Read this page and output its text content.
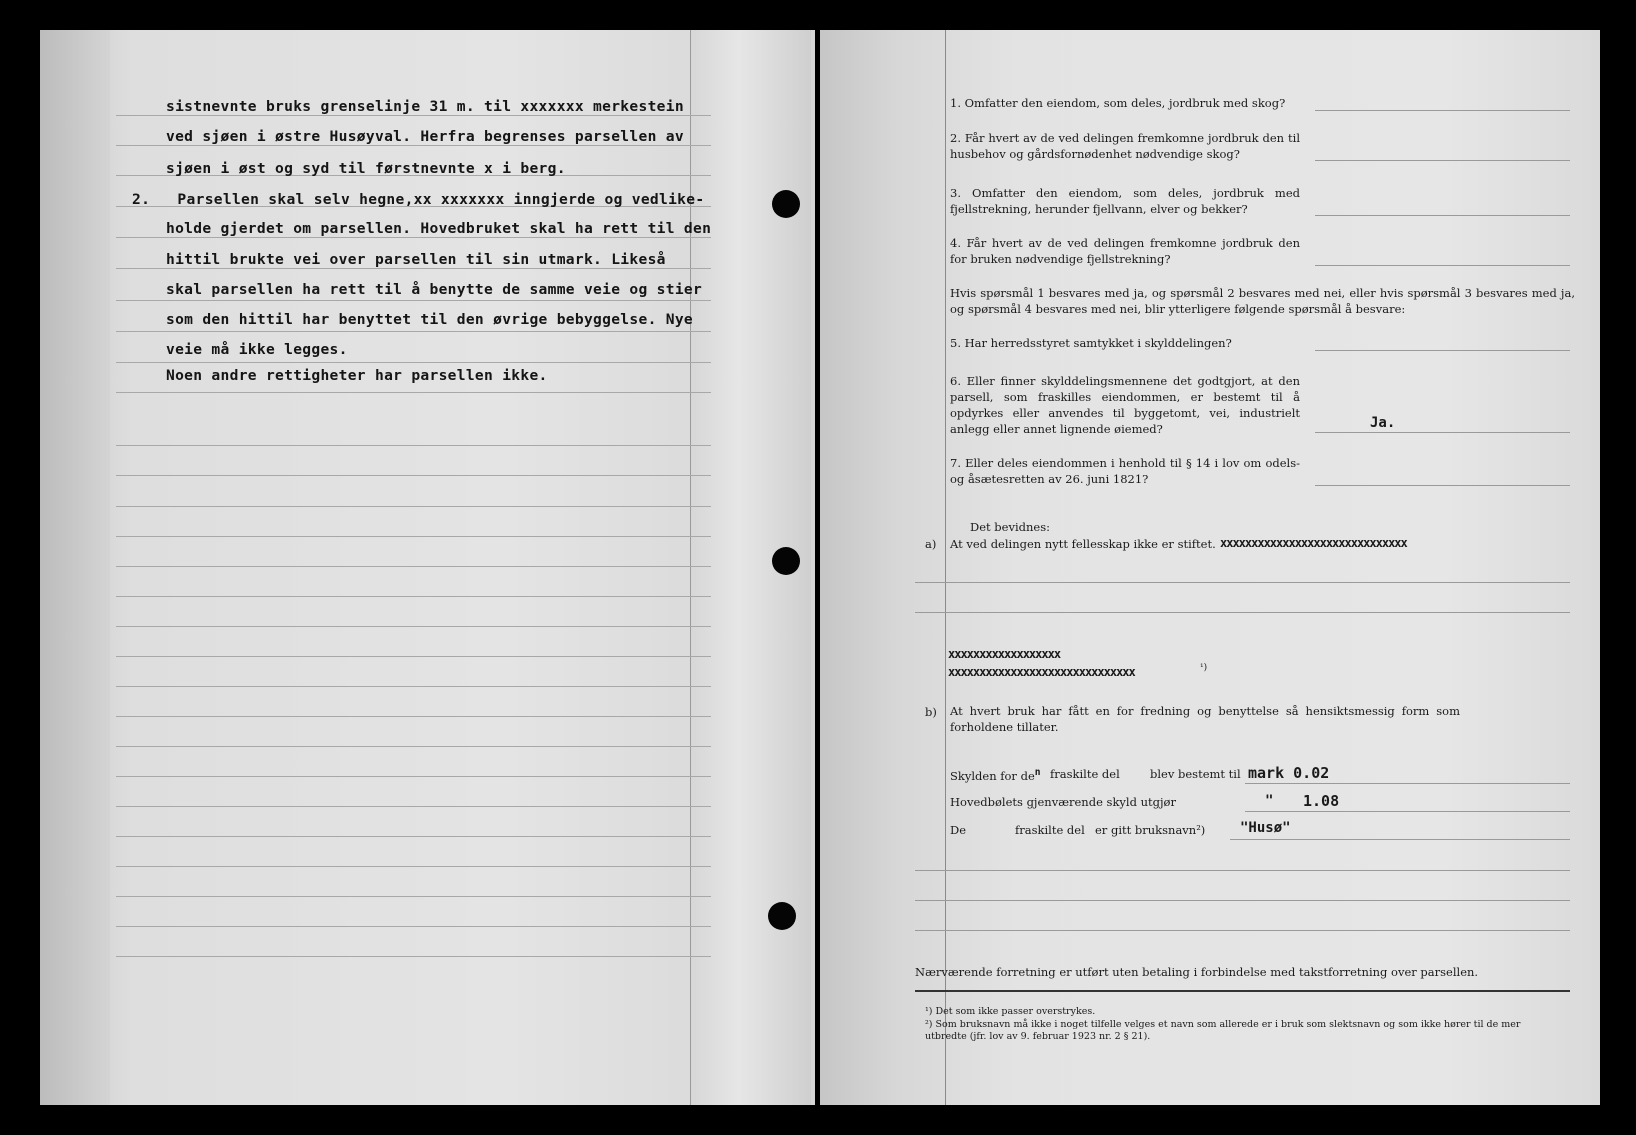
sistnevnte bruks grenselinje 31 m. til xxxxxxx merkestein
ved sjøen i østre Husøyval. Herfra begrenses parsellen av
sjøen i øst og syd til førstnevnte x i berg.
2.   Parsellen skal selv hegne,xx xxxxxxx inngjerde og vedlike-
holde gjerdet om parsellen. Hovedbruket skal ha rett til den
hittil brukte vei over parsellen til sin utmark. Likeså
skal parsellen ha rett til å benytte de samme veie og stier
som den hittil har benyttet til den øvrige bebyggelse. Nye
veie må ikke legges.
Noen andre rettigheter har parsellen ikke.
1. Omfatter den eiendom, som deles, jordbruk med skog?
2. Får hvert av de ved delingen fremkomne jordbruk den til husbehov og gårdsfornødenhet nødvendige skog?
3. Omfatter den eiendom, som deles, jordbruk med fjellstrekning, herunder fjellvann, elver og bekker?
4. Får hvert av de ved delingen fremkomne jordbruk den for bruken nødvendige fjellstrekning?
Hvis spørsmål 1 besvares med ja, og spørsmål 2 besvares med nei, eller hvis spørsmål 3 besvares med ja, og spørsmål 4 besvares med nei, blir ytterligere følgende spørsmål å besvare:
5. Har herredsstyret samtykket i skylddelingen?
6. Eller finner skylddelingsmennene det godtgjort, at den parsell, som fraskilles eiendommen, er bestemt til å opdyrkes eller anvendes til byggetomt, vei, industrielt anlegg eller annet lignende øiemed?	Ja.
7. Eller deles eiendommen i henhold til § 14 i lov om odels- og åsætesretten av 26. juni 1821?
Det bevidnes:
a) At ved delingen nytt fellesskap ikke er stiftet. xxxxxxxxxxxxxxxxxxxxxxxxxxxxxx
xxxxxxxxxxxxxxxxxx
xxxxxxxxxxxxxxxxxxxxxxxxxxxxxx	¹)
b) At hvert bruk har fått en for fredning og benyttelse så hensiktsmessig form som forholdene tillater.
Skylden for $de^n$ fraskilte del	blev bestemt til mark 0.02
Hovedbølets gjenværende skyld utgjør	" 1.08
De	fraskilte del er gitt bruksnavn²) "Husø"
Nærværende forretning er utført uten betaling i forbindelse med takstforretning over parsellen.
¹) Det som ikke passer overstrykes.
²) Som bruksnavn må ikke i noget tilfelle velges et navn som allerede er i bruk som slektsnavn og som ikke hører til de mer utbredte (jfr. lov av 9. februar 1923 nr. 2 § 21).
